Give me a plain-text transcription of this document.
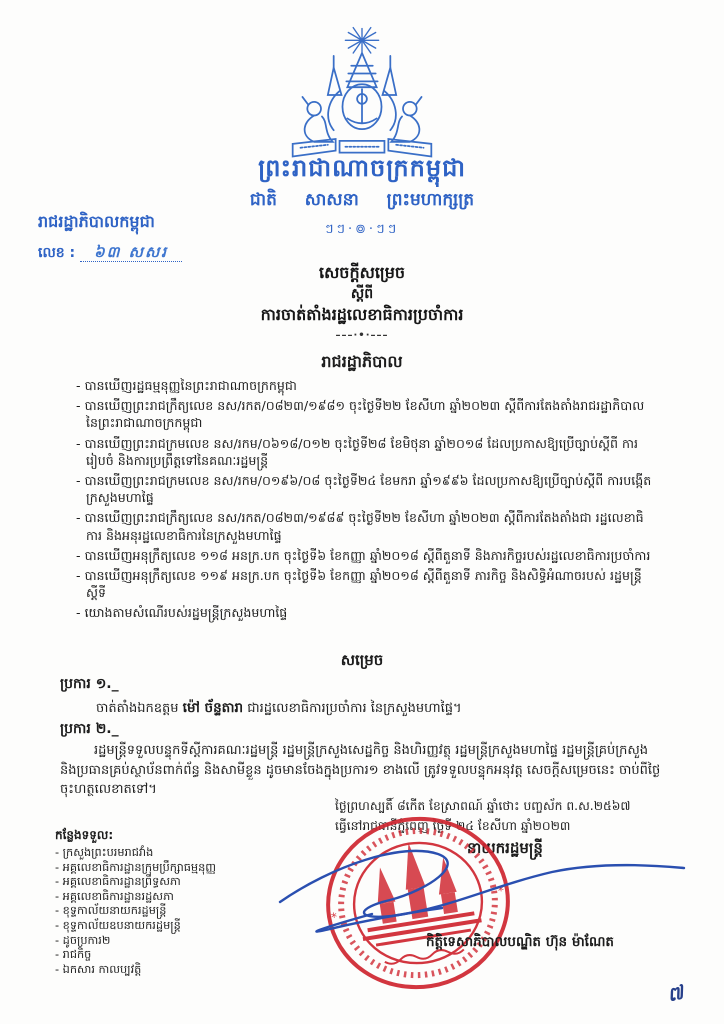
ព្រះរាជាណាចក្រកម្ពុជា
ជាតិ សាសនា ព្រះមហាក្សត្រ
ៗៗ·៙·ៗៗ
រាជរដ្ឋាភិបាលកម្ពុជា
លេខ : ៦៣ សសរ
សេចក្តីសម្រេច
ស្តីពី
ការចាត់តាំងរដ្ឋលេខាធិការប្រចាំការ
–––·•·–––
រាជរដ្ឋាភិបាល
- បានឃើញរដ្ឋធម្មនុញ្ញនៃព្រះរាជាណាចក្រកម្ពុជា
- បានឃើញព្រះរាជក្រឹត្យលេខ នស/រកត/០៨២៣/១៩៨១ ចុះថ្ងៃទី២២ ខែសីហា ឆ្នាំ២០២៣ ស្តីពីការតែងតាំងរាជរដ្ឋាភិបាល នៃព្រះរាជាណាចក្រកម្ពុជា
- បានឃើញព្រះរាជក្រមលេខ នស/រកម/០៦១៨/០១២ ចុះថ្ងៃទី២៨ ខែមិថុនា ឆ្នាំ២០១៨ ដែលប្រកាសឱ្យប្រើច្បាប់ស្តីពី ការរៀបចំ និងការប្រព្រឹត្តទៅនៃគណៈរដ្ឋមន្ត្រី
- បានឃើញព្រះរាជក្រមលេខ នស/រកម/០១៩៦/០៨ ចុះថ្ងៃទី២៤ ខែមករា ឆ្នាំ១៩៩៦ ដែលប្រកាសឱ្យប្រើច្បាប់ស្តីពី ការបង្កើតក្រសួងមហាផ្ទៃ
- បានឃើញព្រះរាជក្រឹត្យលេខ នស/រកត/០៨២៣/១៩៨៩ ចុះថ្ងៃទី២២ ខែសីហា ឆ្នាំ២០២៣ ស្តីពីការតែងតាំងជា រដ្ឋលេខាធិការ និងអនុរដ្ឋលេខាធិការនៃក្រសួងមហាផ្ទៃ
- បានឃើញអនុក្រឹត្យលេខ ១១៨ អនក្រ.បក ចុះថ្ងៃទី៦ ខែកញ្ញា ឆ្នាំ២០១៨ ស្តីពីតួនាទី និងភារកិច្ចរបស់រដ្ឋលេខាធិការប្រចាំការ
- បានឃើញអនុក្រឹត្យលេខ ១១៩ អនក្រ.បក ចុះថ្ងៃទី៦ ខែកញ្ញា ឆ្នាំ២០១៨ ស្តីពីតួនាទី ភារកិច្ច និងសិទ្ធិអំណាចរបស់ រដ្ឋមន្ត្រីស្តីទី
- យោងតាមសំណើរបស់រដ្ឋមន្ត្រីក្រសួងមហាផ្ទៃ
សម្រេច
ប្រការ ១._
ចាត់តាំងឯកឧត្តម ម៉ៅ ច័ន្ទតារា ជារដ្ឋលេខាធិការប្រចាំការ នៃក្រសួងមហាផ្ទៃ។
ប្រការ ២._

រដ្ឋមន្ត្រីទទួលបន្ទុកទីស្តីការគណៈរដ្ឋមន្ត្រី រដ្ឋមន្ត្រីក្រសួងសេដ្ឋកិច្ច និងហិរញ្ញវត្ថុ រដ្ឋមន្ត្រីក្រសួងមហាផ្ទៃ រដ្ឋមន្ត្រីគ្រប់ក្រសួង និងប្រធានគ្រប់ស្ថាប័នពាក់ព័ន្ធ និងសាមីខ្លួន ដូចមានចែងក្នុងប្រការ១ ខាងលើ ត្រូវទទួលបន្ទុកអនុវត្ត សេចក្តីសម្រេចនេះ ចាប់ពីថ្ងៃចុះហត្ថលេខាតទៅ។

ថ្ងៃព្រហស្បតិ៍ ៨កើត ខែស្រាពណ៍ ឆ្នាំថោះ បញ្ចស័ក ព.ស.២៥៦៧
ធ្វើនៅរាជធានីភ្នំពេញ ថ្ងៃទី ២៤ ខែសីហា ឆ្នាំ២០២៣
នាយករដ្ឋមន្ត្រី
*
*
កិត្តិទេសាភិបាលបណ្ឌិត ហ៊ុន ម៉ាណែត
កន្លែងទទួល:
- ក្រសួងព្រះបរមរាជវាំង
- អគ្គលេខាធិការដ្ឋានក្រុមប្រឹក្សាធម្មនុញ្ញ
- អគ្គលេខាធិការដ្ឋានព្រឹទ្ធសភា
- អគ្គលេខាធិការដ្ឋានរដ្ឋសភា
- ខុទ្ទកាល័យនាយករដ្ឋមន្ត្រី
- ខុទ្ទកាល័យឧបនាយករដ្ឋមន្ត្រី
- ដូចប្រការ២
- រាជកិច្ច
- ឯកសារ កាលប្បវត្តិ
៧
